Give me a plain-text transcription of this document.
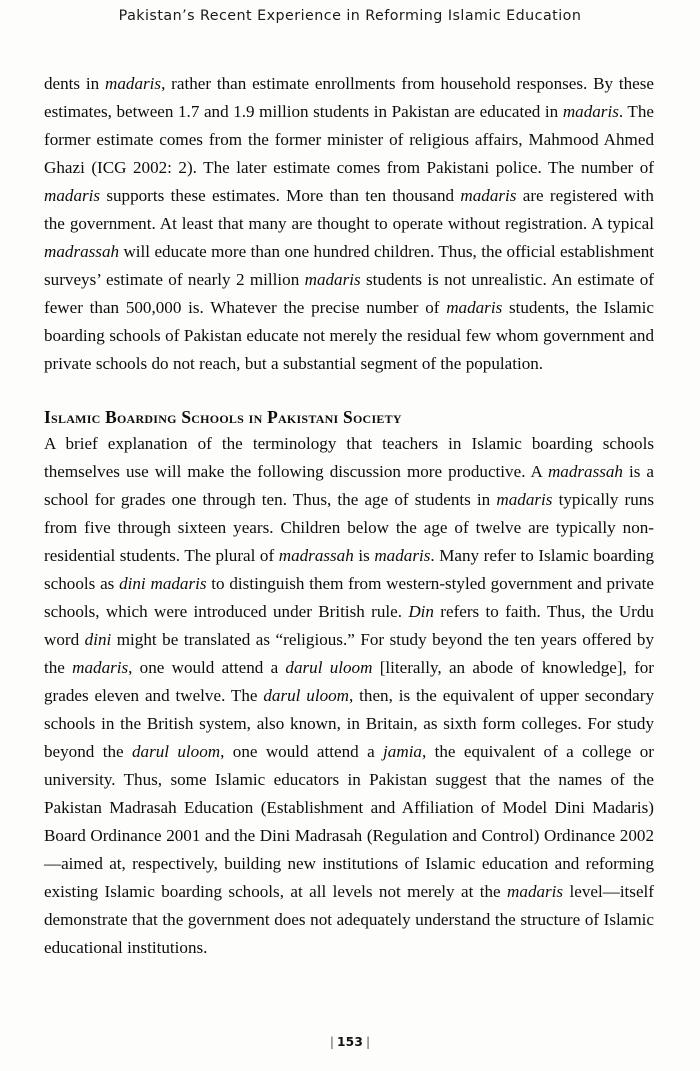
Pakistan’s Recent Experience in Reforming Islamic Education

dents in madaris, rather than estimate enrollments from household responses. By these estimates, between 1.7 and 1.9 million students in Pakistan are educated in madaris. The former estimate comes from the former minister of religious affairs, Mahmood Ahmed Ghazi (ICG 2002: 2). The later estimate comes from Pakistani police. The number of madaris supports these estimates. More than ten thousand madaris are registered with the government. At least that many are thought to operate without registration. A typical madrassah will educate more than one hundred children. Thus, the official establishment surveys’ estimate of nearly 2 million madaris students is not unrealistic. An estimate of fewer than 500,000 is. Whatever the precise number of madaris students, the Islamic boarding schools of Pakistan educate not merely the residual few whom government and private schools do not reach, but a substantial segment of the population.

Islamic Boarding Schools in Pakistani Society

A brief explanation of the terminology that teachers in Islamic boarding schools themselves use will make the following discussion more productive. A madrassah is a school for grades one through ten. Thus, the age of students in madaris typically runs from five through sixteen years. Children below the age of twelve are typically non-residential students. The plural of madrassah is madaris. Many refer to Islamic boarding schools as dini madaris to distinguish them from western-styled government and private schools, which were introduced under British rule. Din refers to faith. Thus, the Urdu word dini might be translated as “religious.” For study beyond the ten years offered by the madaris, one would attend a darul uloom [literally, an abode of knowledge], for grades eleven and twelve. The darul uloom, then, is the equivalent of upper secondary schools in the British system, also known, in Britain, as sixth form colleges. For study beyond the darul uloom, one would attend a jamia, the equivalent of a college or university. Thus, some Islamic educators in Pakistan suggest that the names of the Pakistan Madrasah Education (Establishment and Affiliation of Model Dini Madaris) Board Ordinance 2001 and the Dini Madrasah (Regulation and Control) Ordinance 2002—aimed at, respectively, building new institutions of Islamic education and reforming existing Islamic boarding schools, at all levels not merely at the madaris level—itself demonstrate that the government does not adequately understand the structure of Islamic educational institutions.

| 153 |
